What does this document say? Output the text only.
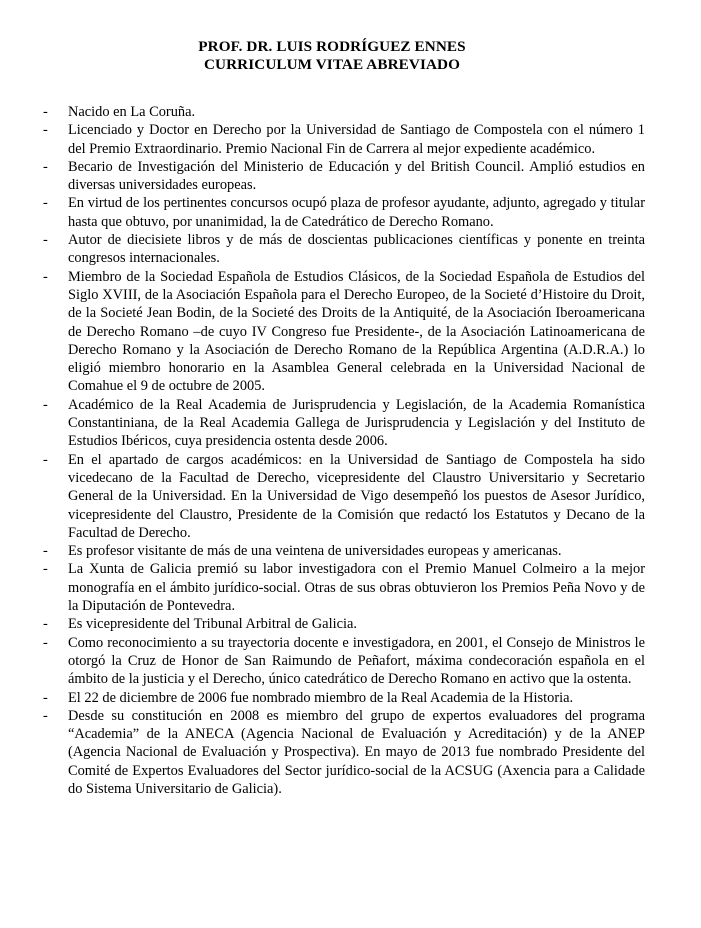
PROF. DR. LUIS RODRÍGUEZ ENNES
CURRICULUM VITAE ABREVIADO
- Nacido en La Coruña.
- Licenciado y Doctor en Derecho por la Universidad de Santiago de Compostela con el número 1 del Premio Extraordinario. Premio Nacional Fin de Carrera al mejor expediente académico.
- Becario de Investigación del Ministerio de Educación y del British Council. Amplió estudios en diversas universidades europeas.
- En virtud de los pertinentes concursos ocupó plaza de profesor ayudante, adjunto, agregado y titular hasta que obtuvo, por unanimidad, la de Catedrático de Derecho Romano.
- Autor de diecisiete libros y de más de doscientas publicaciones científicas y ponente en treinta congresos internacionales.
- Miembro de la Sociedad Española de Estudios Clásicos, de la Sociedad Española de Estudios del Siglo XVIII, de la Asociación Española para el Derecho Europeo, de la Societé d’Histoire du Droit, de la Societé Jean Bodin, de la Societé des Droits de la Antiquité, de la Asociación Iberoamericana de Derecho Romano –de cuyo IV Congreso fue Presidente-, de la Asociación Latinoamericana de Derecho Romano y la Asociación de Derecho Romano de la República Argentina (A.D.R.A.) lo eligió miembro honorario en la Asamblea General celebrada en la Universidad Nacional de Comahue el 9 de octubre de 2005.
- Académico de la Real Academia de Jurisprudencia y Legislación, de la Academia Romanística Constantiniana, de la Real Academia Gallega de Jurisprudencia y Legislación y del Instituto de Estudios Ibéricos, cuya presidencia ostenta desde 2006.
- En el apartado de cargos académicos: en la Universidad de Santiago de Compostela ha sido vicedecano de la Facultad de Derecho, vicepresidente del Claustro Universitario y Secretario General de la Universidad. En la Universidad de Vigo desempeñó los puestos de Asesor Jurídico, vicepresidente del Claustro, Presidente de la Comisión que redactó los Estatutos y Decano de la Facultad de Derecho.
- Es profesor visitante de más de una veintena de universidades europeas y americanas.
- La Xunta de Galicia premió su labor investigadora con el Premio Manuel Colmeiro a la mejor monografía en el ámbito jurídico-social. Otras de sus obras obtuvieron los Premios Peña Novo y de la Diputación de Pontevedra.
- Es vicepresidente del Tribunal Arbitral de Galicia.
- Como reconocimiento a su trayectoria docente e investigadora, en 2001, el Consejo de Ministros le otorgó la Cruz de Honor de San Raimundo de Peñafort, máxima condecoración española en el ámbito de la justicia y el Derecho, único catedrático de Derecho Romano en activo que la ostenta.
- El 22 de diciembre de 2006 fue nombrado miembro de la Real Academia de la Historia.
- Desde su constitución en 2008 es miembro del grupo de expertos evaluadores del programa “Academia” de la ANECA (Agencia Nacional de Evaluación y Acreditación) y de la ANEP (Agencia Nacional de Evaluación y Prospectiva). En mayo de 2013 fue nombrado Presidente del Comité de Expertos Evaluadores del Sector jurídico-social de la ACSUG (Axencia para a Calidade do Sistema Universitario de Galicia).
